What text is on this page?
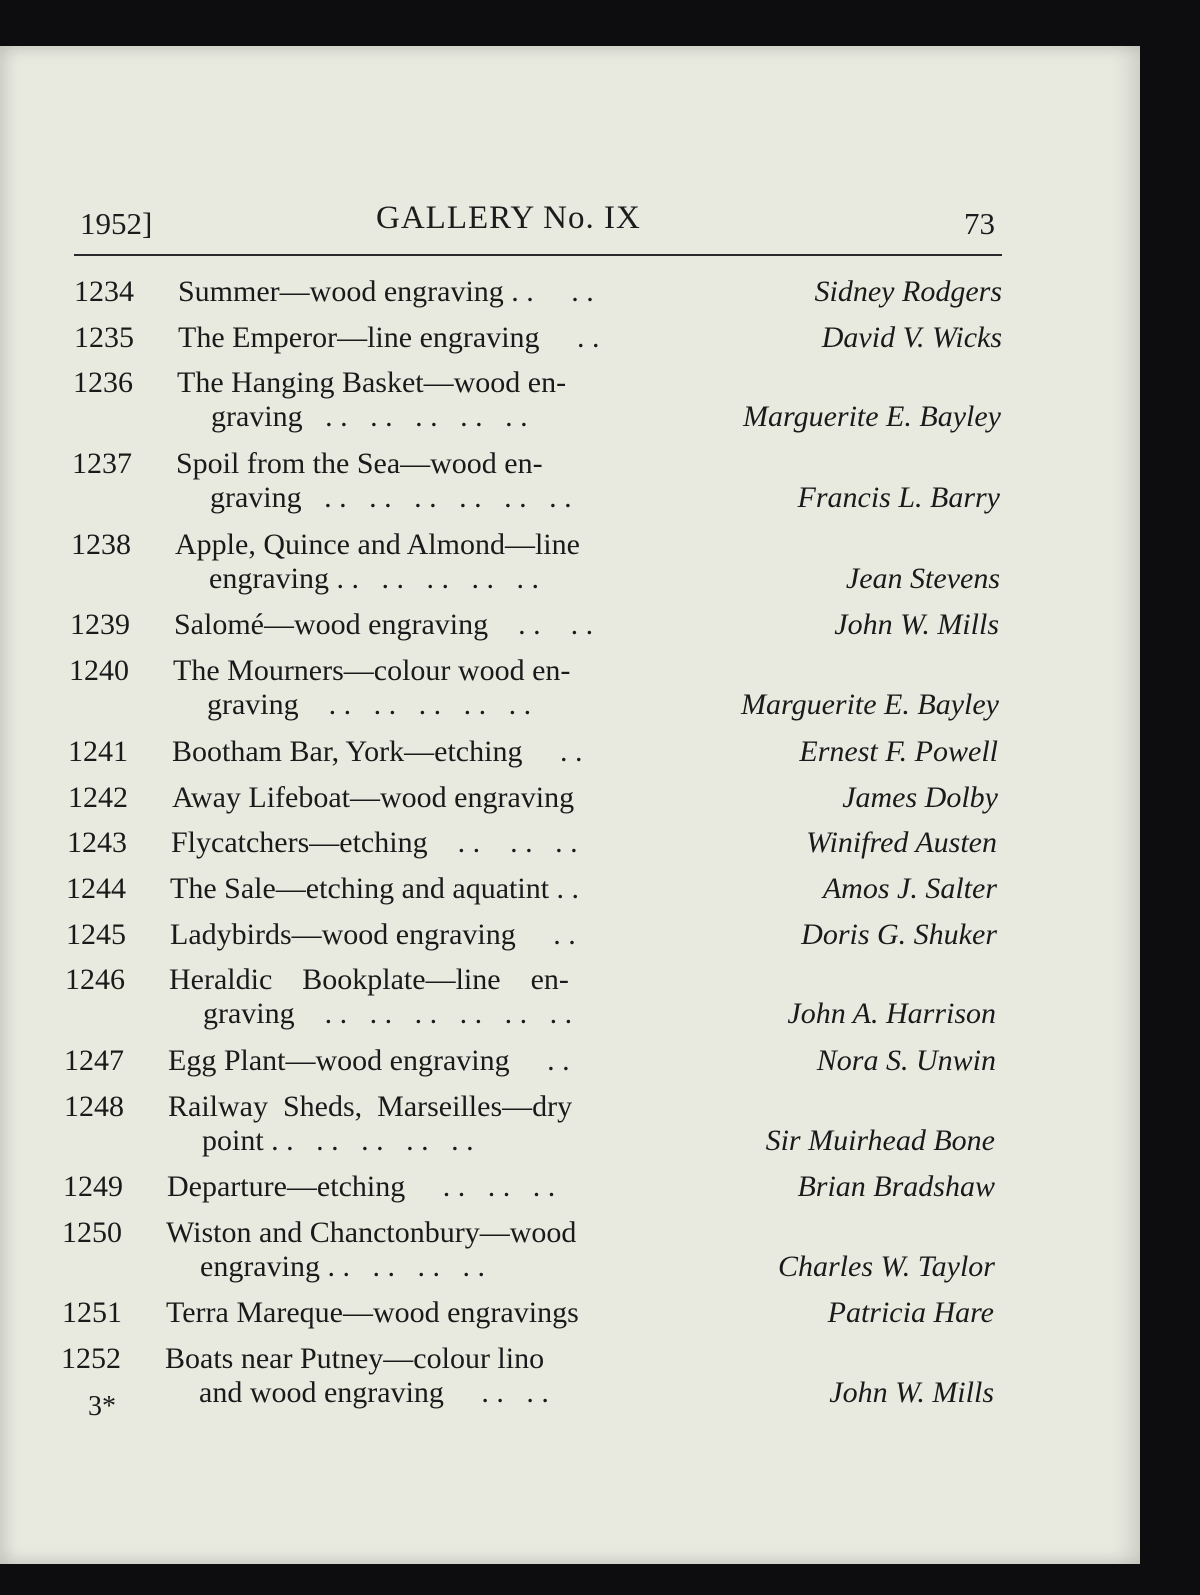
1952]	GALLERY No. IX	73
1234 Summer—wood engraving . .     . .	Sidney Rodgers
1235 The Emperor—line engraving     . .	David V. Wicks
1236 The Hanging Basket—wood en-
graving   . .   . .   . .   . .   . .	Marguerite E. Bayley
1237 Spoil from the Sea—wood en-
graving   . .   . .   . .   . .   . .   . .	Francis L. Barry
1238 Apple, Quince and Almond—line
engraving . .   . .   . .   . .   . .	Jean Stevens
1239 Salomé—wood engraving    . .    . .	John W. Mills
1240 The Mourners—colour wood en-
graving    . .   . .   . .   . .   . .	Marguerite E. Bayley
1241 Bootham Bar, York—etching     . .	Ernest F. Powell
1242 Away Lifeboat—wood engraving	James Dolby
1243 Flycatchers—etching    . .    . .   . .	Winifred Austen
1244 The Sale—etching and aquatint . .	Amos J. Salter
1245 Ladybirds—wood engraving     . .	Doris G. Shuker
1246 Heraldic    Bookplate—line    en-
graving    . .   . .   . .   . .   . .   . .	John A. Harrison
1247 Egg Plant—wood engraving     . .	Nora S. Unwin
1248 Railway  Sheds,  Marseilles—dry
point . .   . .   . .   . .   . .	Sir Muirhead Bone
1249 Departure—etching     . .   . .   . .	Brian Bradshaw
1250 Wiston and Chanctonbury—wood
engraving . .   . .   . .   . .	Charles W. Taylor
1251 Terra Mareque—wood engravings	Patricia Hare
1252 Boats near Putney—colour lino
and wood engraving     . .   . .	John W. Mills
3*
